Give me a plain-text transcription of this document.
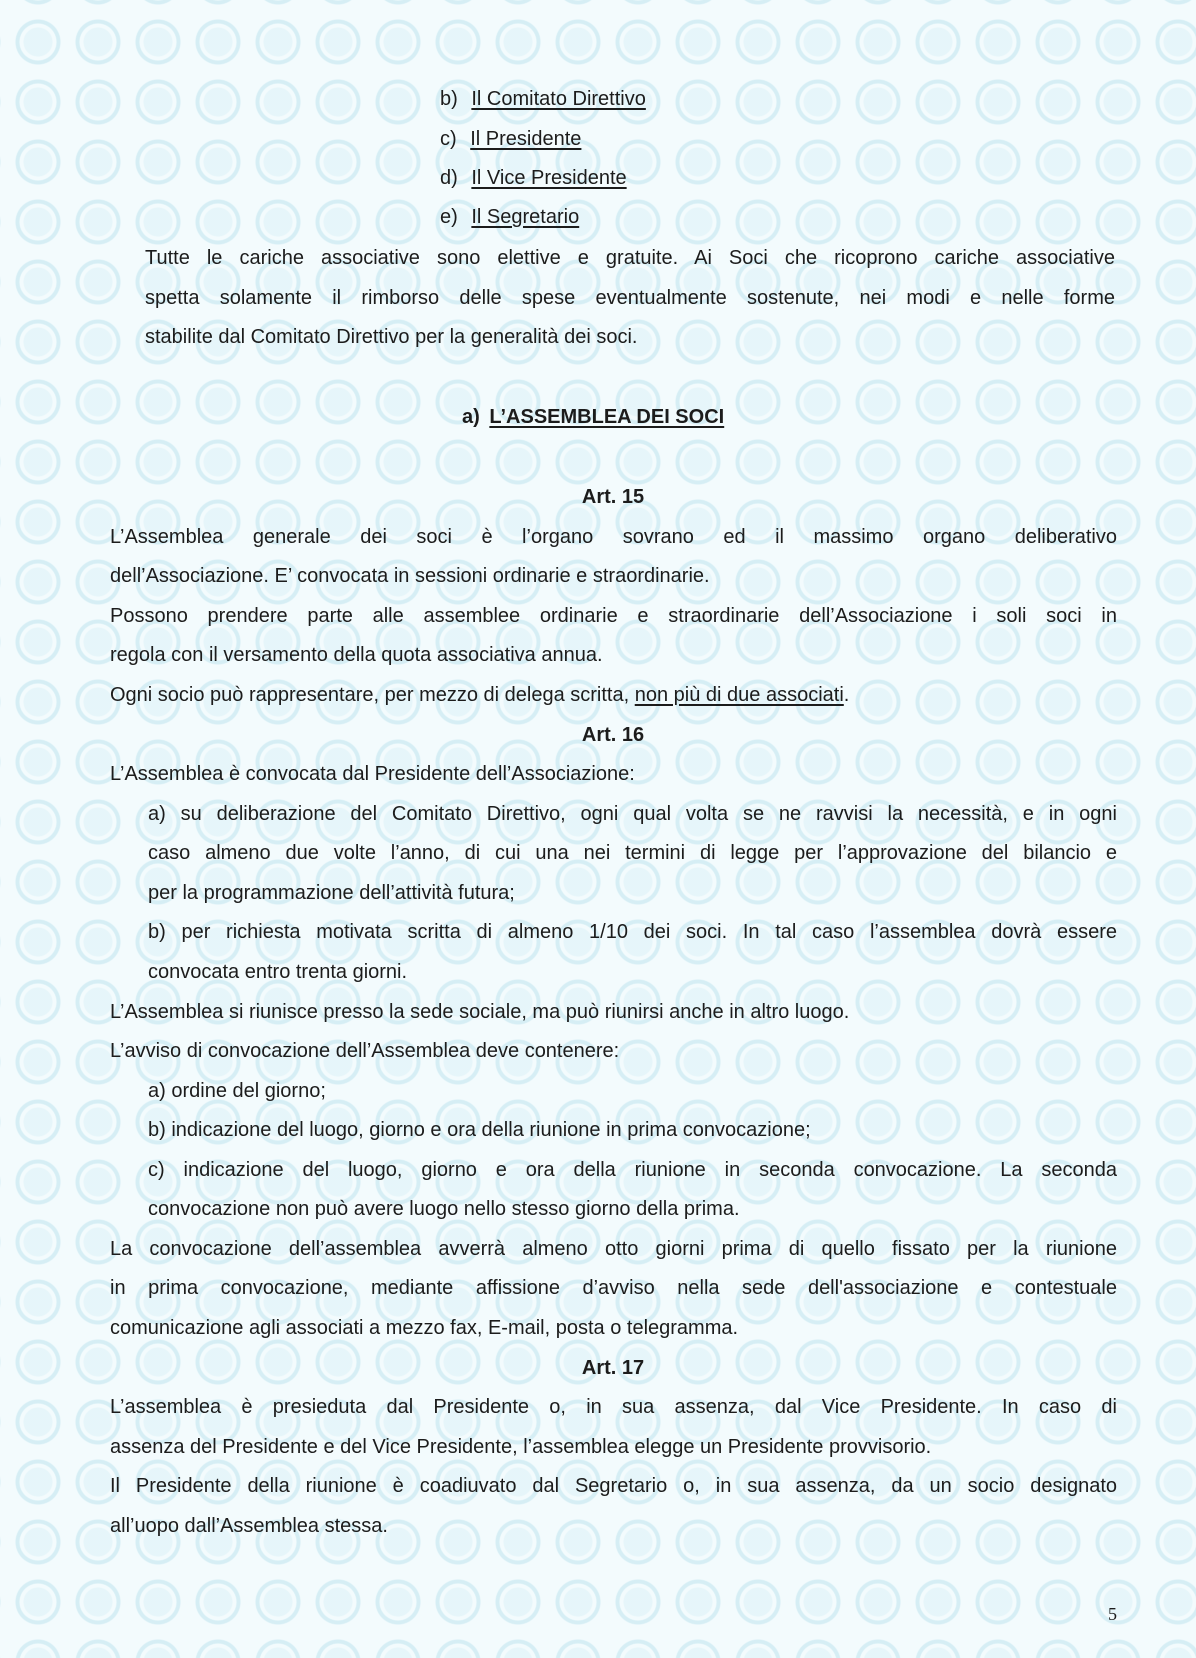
b) Il Comitato Direttivo
c) Il Presidente
d) Il Vice Presidente
e) Il Segretario
Tutte le cariche associative sono elettive e gratuite. Ai Soci che ricoprono cariche associative
spetta solamente il rimborso delle spese eventualmente sostenute, nei modi e nelle forme
stabilite dal Comitato Direttivo per la generalità dei soci.
a) L’ASSEMBLEA DEI SOCI
Art. 15
L’Assemblea generale dei soci è l’organo sovrano ed il massimo organo deliberativo
dell’Associazione. E’ convocata in sessioni ordinarie e straordinarie.
Possono prendere parte alle assemblee ordinarie e straordinarie dell’Associazione i soli soci in
regola con il versamento della quota associativa annua.
Ogni socio può rappresentare, per mezzo di delega scritta, non più di due associati.
Art. 16
L’Assemblea è convocata dal Presidente dell’Associazione:
a) su deliberazione del Comitato Direttivo, ogni qual volta se ne ravvisi la necessità, e in ogni
caso almeno due volte l’anno, di cui una nei termini di legge per l’approvazione del bilancio e
per la programmazione dell’attività futura;
b) per richiesta motivata scritta di almeno 1/10 dei soci. In tal caso l’assemblea dovrà essere
convocata entro trenta giorni.
L’Assemblea si riunisce presso la sede sociale, ma può riunirsi anche in altro luogo.
L’avviso di convocazione dell’Assemblea deve contenere:
a) ordine del giorno;
b) indicazione del luogo, giorno e ora della riunione in prima convocazione;
c) indicazione del luogo, giorno e ora della riunione in seconda convocazione. La seconda
convocazione non può avere luogo nello stesso giorno della prima.
La convocazione dell’assemblea avverrà almeno otto giorni prima di quello fissato per la riunione
in prima convocazione, mediante affissione d’avviso nella sede dell'associazione e contestuale
comunicazione agli associati a mezzo fax, E-mail, posta o telegramma.
Art. 17
L’assemblea è presieduta dal Presidente o, in sua assenza, dal Vice Presidente. In caso di
assenza del Presidente e del Vice Presidente, l’assemblea elegge un Presidente provvisorio.
Il Presidente della riunione è coadiuvato dal Segretario o, in sua assenza, da un socio designato
all’uopo dall’Assemblea stessa.
5
